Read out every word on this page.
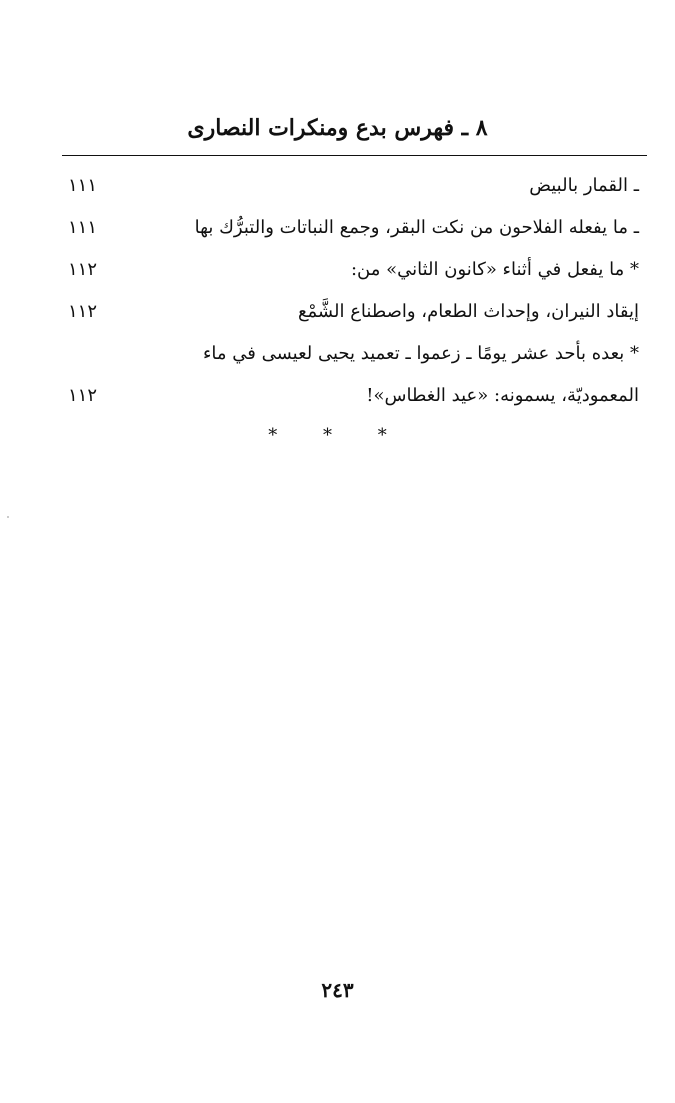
٨ ـ فهرس بدع ومنكرات النصارى
ـ القمار بالبيض
١١١
ـ ما يفعله الفلاحون من نكت البقر، وجمع النباتات والتبرُّك بها
١١١
* ما يفعل في أثناء «كانون الثاني» من:
١١٢
إيقاد النيران، وإحداث الطعام، واصطناع الشَّمْع
١١٢
* بعده بأحد عشر يومًا ـ زعموا ـ تعميد يحيى لعيسى في ماء
المعموديّة، يسمونه: «عيد الغطاس»!
١١٢
* * *
٢٤٣
